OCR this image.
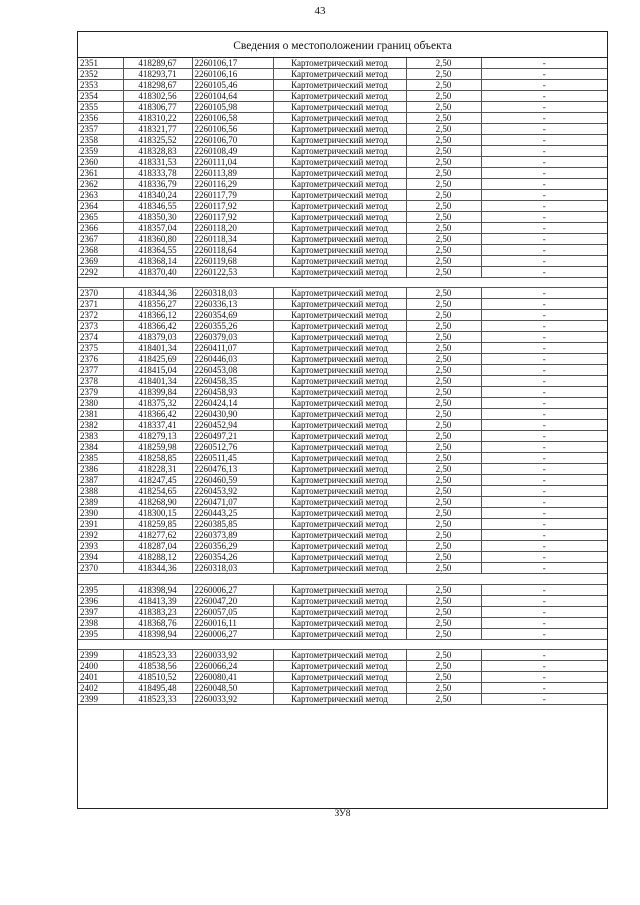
43
Сведения о местоположении границ объекта
2351	418289,67	2260106,17	Картометрический метод	2,50	-
2352	418293,71	2260106,16	Картометрический метод	2,50	-
2353	418298,67	2260105,46	Картометрический метод	2,50	-
2354	418302,56	2260104,64	Картометрический метод	2,50	-
2355	418306,77	2260105,98	Картометрический метод	2,50	-
2356	418310,22	2260106,58	Картометрический метод	2,50	-
2357	418321,77	2260106,56	Картометрический метод	2,50	-
2358	418325,52	2260106,70	Картометрический метод	2,50	-
2359	418328,83	2260108,49	Картометрический метод	2,50	-
2360	418331,53	2260111,04	Картометрический метод	2,50	-
2361	418333,78	2260113,89	Картометрический метод	2,50	-
2362	418336,79	2260116,29	Картометрический метод	2,50	-
2363	418340,24	2260117,79	Картометрический метод	2,50	-
2364	418346,55	2260117,92	Картометрический метод	2,50	-
2365	418350,30	2260117,92	Картометрический метод	2,50	-
2366	418357,04	2260118,20	Картометрический метод	2,50	-
2367	418360,80	2260118,34	Картометрический метод	2,50	-
2368	418364,55	2260118,64	Картометрический метод	2,50	-
2369	418368,14	2260119,68	Картометрический метод	2,50	-
2292	418370,40	2260122,53	Картометрический метод	2,50	-

2370	418344,36	2260318,03	Картометрический метод	2,50	-
2371	418356,27	2260336,13	Картометрический метод	2,50	-
2372	418366,12	2260354,69	Картометрический метод	2,50	-
2373	418366,42	2260355,26	Картометрический метод	2,50	-
2374	418379,03	2260379,03	Картометрический метод	2,50	-
2375	418401,34	2260411,07	Картометрический метод	2,50	-
2376	418425,69	2260446,03	Картометрический метод	2,50	-
2377	418415,04	2260453,08	Картометрический метод	2,50	-
2378	418401,34	2260458,35	Картометрический метод	2,50	-
2379	418399,84	2260458,93	Картометрический метод	2,50	-
2380	418375,32	2260424,14	Картометрический метод	2,50	-
2381	418366,42	2260430,90	Картометрический метод	2,50	-
2382	418337,41	2260452,94	Картометрический метод	2,50	-
2383	418279,13	2260497,21	Картометрический метод	2,50	-
2384	418259,98	2260512,76	Картометрический метод	2,50	-
2385	418258,85	2260511,45	Картометрический метод	2,50	-
2386	418228,31	2260476,13	Картометрический метод	2,50	-
2387	418247,45	2260460,59	Картометрический метод	2,50	-
2388	418254,65	2260453,92	Картометрический метод	2,50	-
2389	418268,90	2260471,07	Картометрический метод	2,50	-
2390	418300,15	2260443,25	Картометрический метод	2,50	-
2391	418259,85	2260385,85	Картометрический метод	2,50	-
2392	418277,62	2260373,89	Картометрический метод	2,50	-
2393	418287,04	2260356,29	Картометрический метод	2,50	-
2394	418288,12	2260354,26	Картометрический метод	2,50	-
2370	418344,36	2260318,03	Картометрический метод	2,50	-

2395	418398,94	2260006,27	Картометрический метод	2,50	-
2396	418413,39	2260047,20	Картометрический метод	2,50	-
2397	418383,23	2260057,05	Картометрический метод	2,50	-
2398	418368,76	2260016,11	Картометрический метод	2,50	-
2395	418398,94	2260006,27	Картометрический метод	2,50	-

2399	418523,33	2260033,92	Картометрический метод	2,50	-
2400	418538,56	2260066,24	Картометрический метод	2,50	-
2401	418510,52	2260080,41	Картометрический метод	2,50	-
2402	418495,48	2260048,50	Картометрический метод	2,50	-
2399	418523,33	2260033,92	Картометрический метод	2,50	-
ЗУ8
